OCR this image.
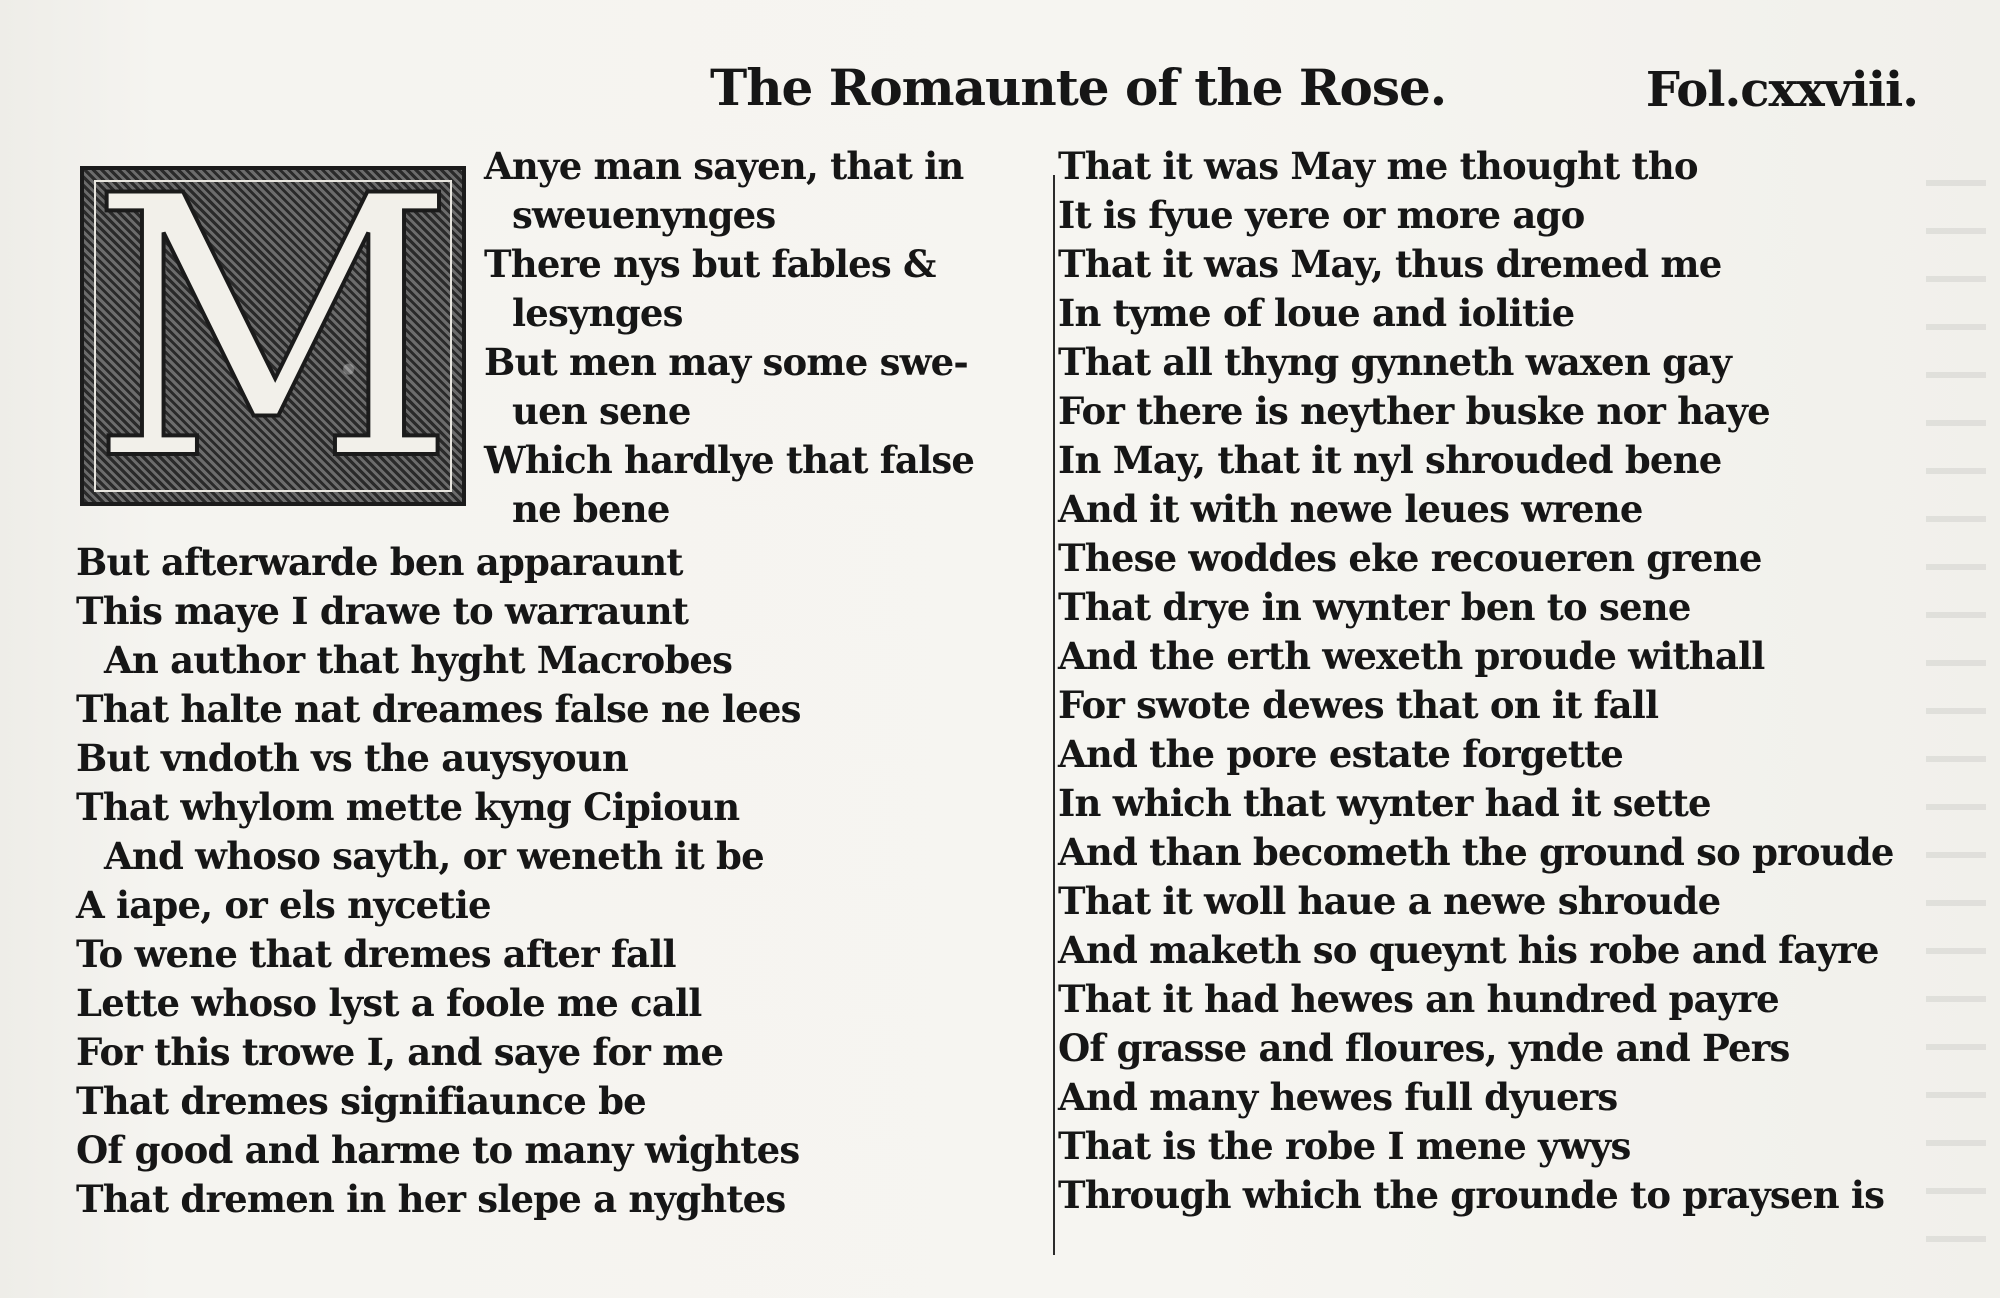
The Romaunte of the Rose.	Fol.cxxviii.
M Anye man sayen, that in
sweuenynges
There nys but fables &
lesynges
But men may some swe-
uen sene
Which hardlye that false
ne bene
But afterwarde ben apparaunt
This maye I drawe to warraunt
An author that hyght Macrobes
That halte nat dreames false ne lees
But vndoth vs the auysyoun
That whylom mette kyng Cipioun
And whoso sayth, or weneth it be
A iape, or els nycetie
To wene that dremes after fall
Lette whoso lyst a foole me call
For this trowe I, and saye for me
That dremes signifiaunce be
Of good and harme to many wightes
That dremen in her slepe a nyghtes
That it was May me thought tho
It is fyue yere or more ago
That it was May, thus dremed me
In tyme of loue and iolitie
That all thyng gynneth waxen gay
For there is neyther buske nor haye
In May, that it nyl shrouded bene
And it with newe leues wrene
These woddes eke recoueren grene
That drye in wynter ben to sene
And the erth wexeth proude withall
For swote dewes that on it fall
And the pore estate forgette
In which that wynter had it sette
And than becometh the ground so proude
That it woll haue a newe shroude
And maketh so queynt his robe and fayre
That it had hewes an hundred payre
Of grasse and floures, ynde and Pers
And many hewes full dyuers
That is the robe I mene ywys
Through which the grounde to praysen is
